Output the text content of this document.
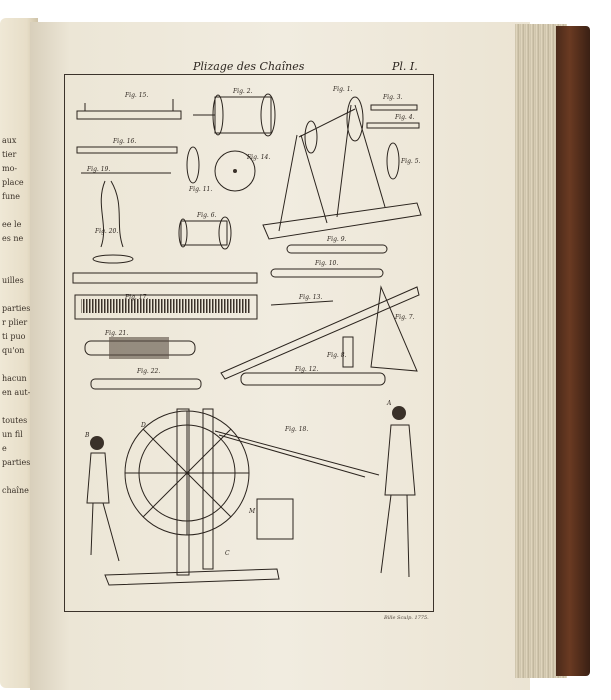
aux
tier
mo-
place
fune
ee le
es ne
uilles
parties
r plier
ti puo
qu'on
hacun
en aut-
toutes
un fil
e
parties
chaîne
Plizage des Chaînes	Pl. I.
Fig. 15.
Fig. 2.	Fig. 1.
Fig. 3.
Fig. 4.
Fig. 5.
Fig. 16.
Fig. 19.
Fig. 11.
Fig. 14.
Fig. 20.
Fig. 6.
Fig. 9.
Fig. 10.
Fig. 17.	Fig. 13.
Fig. 7.
Fig. 8.
Fig. 21.
Fig. 22.	Fig. 12.
Fig. 18.
A
B
D
M
C
Bille Sculp. 1775.
